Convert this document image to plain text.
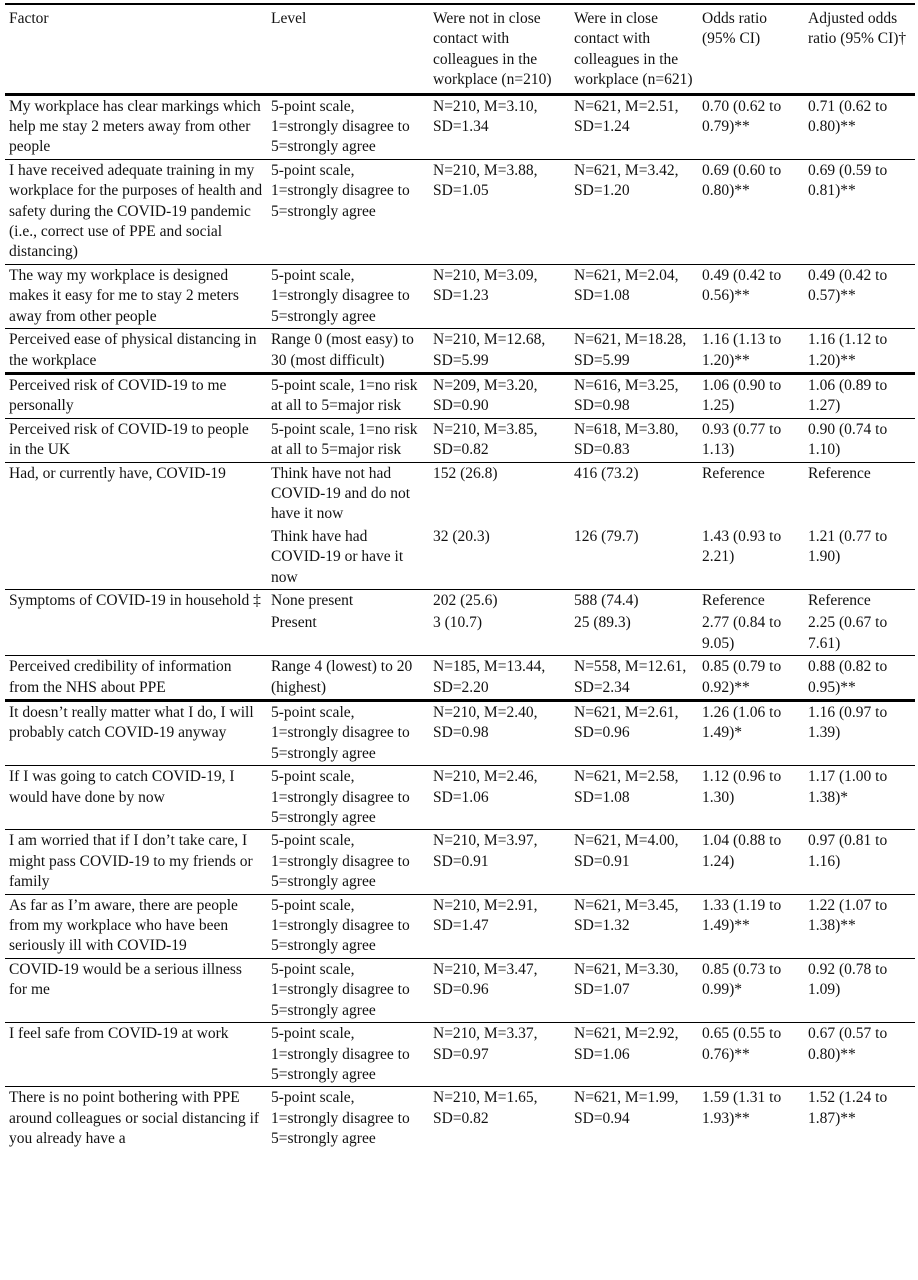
Factor	Level	Were not in close contact with colleagues in the workplace (n=210)	Were in close contact with colleagues in the workplace (n=621)	Odds ratio (95% CI)	Adjusted odds ratio (95% CI)†
My workplace has clear markings which help me stay 2 meters away from other people	5-point scale, 1=strongly disagree to 5=strongly agree	N=210, M=3.10, SD=1.34	N=621, M=2.51, SD=1.24	0.70 (0.62 to 0.79)**	0.71 (0.62 to 0.80)**
I have received adequate training in my workplace for the purposes of health and safety during the COVID-19 pandemic (i.e., correct use of PPE and social distancing)	5-point scale, 1=strongly disagree to 5=strongly agree	N=210, M=3.88, SD=1.05	N=621, M=3.42, SD=1.20	0.69 (0.60 to 0.80)**	0.69 (0.59 to 0.81)**
The way my workplace is designed makes it easy for me to stay 2 meters away from other people	5-point scale, 1=strongly disagree to 5=strongly agree	N=210, M=3.09, SD=1.23	N=621, M=2.04, SD=1.08	0.49 (0.42 to 0.56)**	0.49 (0.42 to 0.57)**
Perceived ease of physical distancing in the workplace	Range 0 (most easy) to 30 (most difficult)	N=210, M=12.68, SD=5.99	N=621, M=18.28, SD=5.99	1.16 (1.13 to 1.20)**	1.16 (1.12 to 1.20)**
Perceived risk of COVID-19 to me personally	5-point scale, 1=no risk at all to 5=major risk	N=209, M=3.20, SD=0.90	N=616, M=3.25, SD=0.98	1.06 (0.90 to 1.25)	1.06 (0.89 to 1.27)
Perceived risk of COVID-19 to people in the UK	5-point scale, 1=no risk at all to 5=major risk	N=210, M=3.85, SD=0.82	N=618, M=3.80, SD=0.83	0.93 (0.77 to 1.13)	0.90 (0.74 to 1.10)
Had, or currently have, COVID-19	Think have not had COVID-19 and do not have it now	152 (26.8)	416 (73.2)	Reference	Reference
	Think have had COVID-19 or have it now	32 (20.3)	126 (79.7)	1.43 (0.93 to 2.21)	1.21 (0.77 to 1.90)
Symptoms of COVID-19 in household ‡	None present	202 (25.6)	588 (74.4)	Reference	Reference
	Present	3 (10.7)	25 (89.3)	2.77 (0.84 to 9.05)	2.25 (0.67 to 7.61)
Perceived credibility of information from the NHS about PPE	Range 4 (lowest) to 20 (highest)	N=185, M=13.44, SD=2.20	N=558, M=12.61, SD=2.34	0.85 (0.79 to 0.92)**	0.88 (0.82 to 0.95)**
It doesn’t really matter what I do, I will probably catch COVID-19 anyway	5-point scale, 1=strongly disagree to 5=strongly agree	N=210, M=2.40, SD=0.98	N=621, M=2.61, SD=0.96	1.26 (1.06 to 1.49)*	1.16 (0.97 to 1.39)
If I was going to catch COVID-19, I would have done by now	5-point scale, 1=strongly disagree to 5=strongly agree	N=210, M=2.46, SD=1.06	N=621, M=2.58, SD=1.08	1.12 (0.96 to 1.30)	1.17 (1.00 to 1.38)*
I am worried that if I don’t take care, I might pass COVID-19 to my friends or family	5-point scale, 1=strongly disagree to 5=strongly agree	N=210, M=3.97, SD=0.91	N=621, M=4.00, SD=0.91	1.04 (0.88 to 1.24)	0.97 (0.81 to 1.16)
As far as I’m aware, there are people from my workplace who have been seriously ill with COVID-19	5-point scale, 1=strongly disagree to 5=strongly agree	N=210, M=2.91, SD=1.47	N=621, M=3.45, SD=1.32	1.33 (1.19 to 1.49)**	1.22 (1.07 to 1.38)**
COVID-19 would be a serious illness for me	5-point scale, 1=strongly disagree to 5=strongly agree	N=210, M=3.47, SD=0.96	N=621, M=3.30, SD=1.07	0.85 (0.73 to 0.99)*	0.92 (0.78 to 1.09)
I feel safe from COVID-19 at work	5-point scale, 1=strongly disagree to 5=strongly agree	N=210, M=3.37, SD=0.97	N=621, M=2.92, SD=1.06	0.65 (0.55 to 0.76)**	0.67 (0.57 to 0.80)**
There is no point bothering with PPE around colleagues or social distancing if you already have a	5-point scale, 1=strongly disagree to 5=strongly agree	N=210, M=1.65, SD=0.82	N=621, M=1.99, SD=0.94	1.59 (1.31 to 1.93)**	1.52 (1.24 to 1.87)**
